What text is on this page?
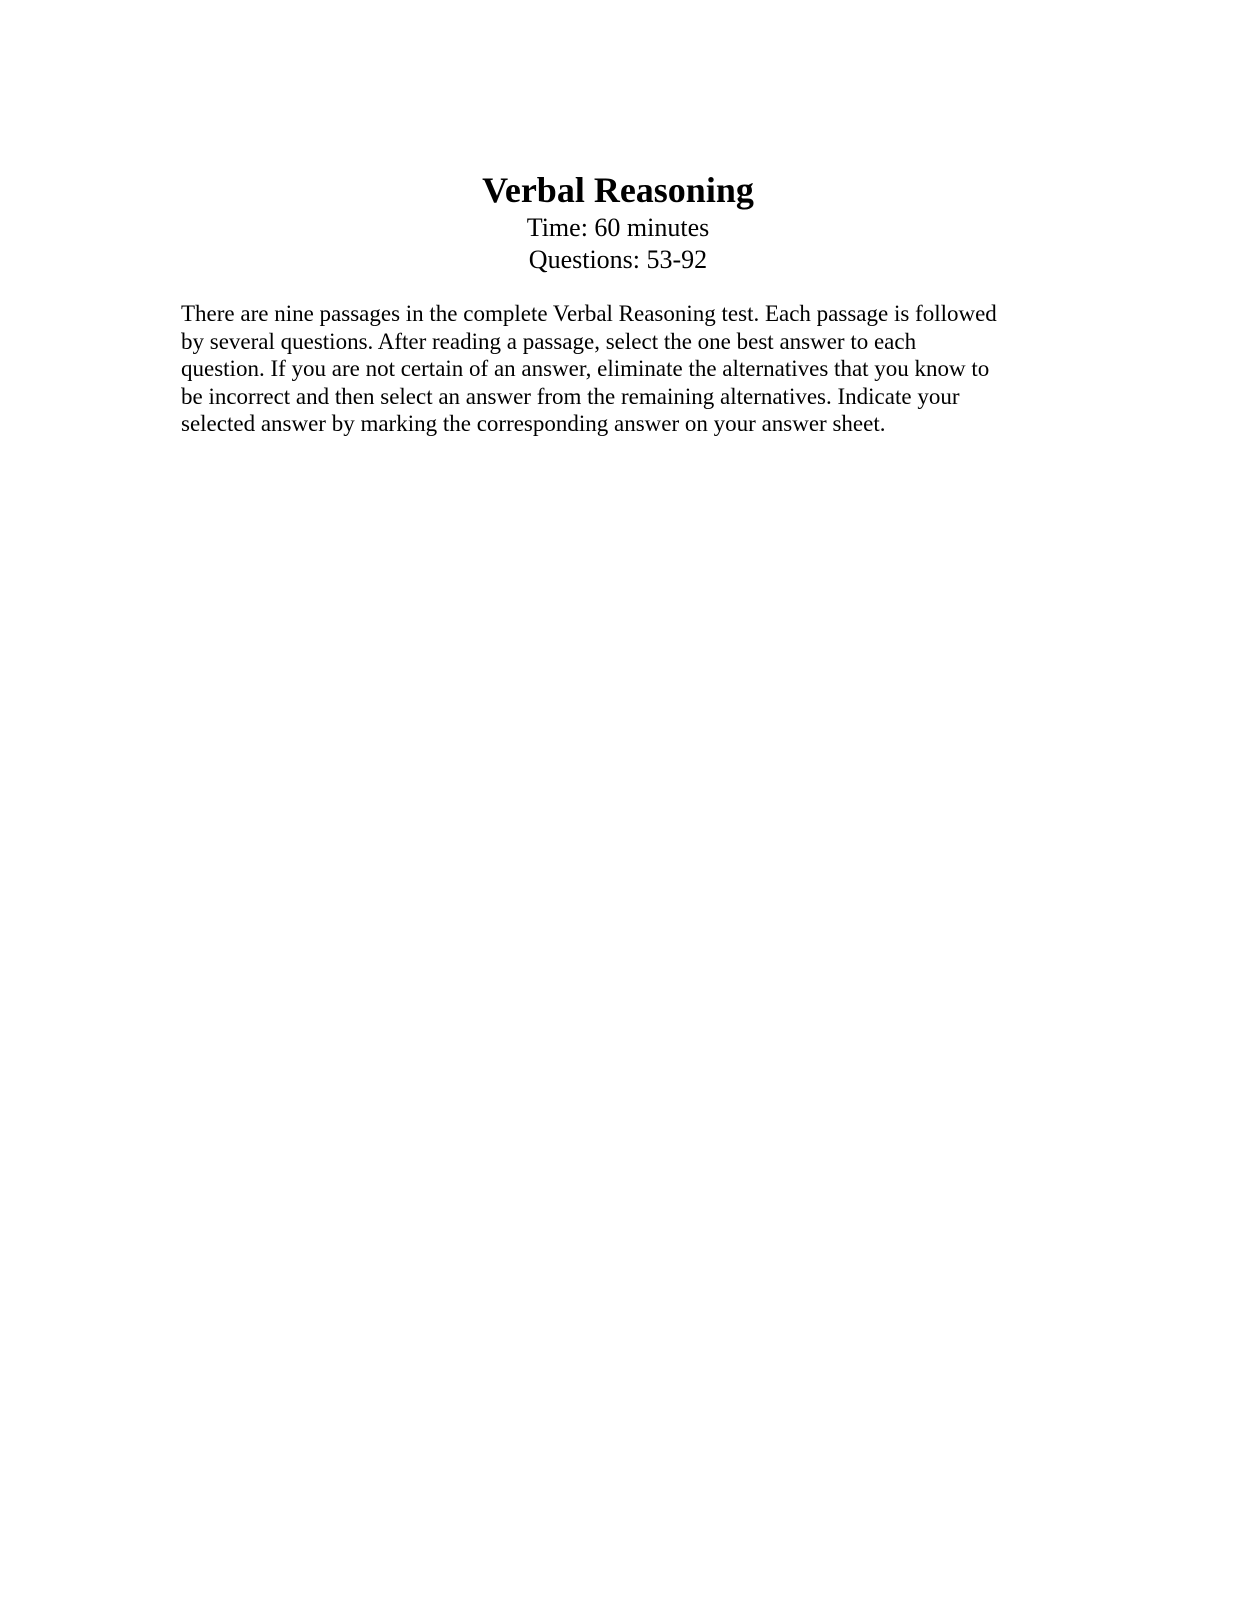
Verbal Reasoning

Time: 60 minutes

Questions: 53-92

There are nine passages in the complete Verbal Reasoning test. Each passage is followed
by several questions. After reading a passage, select the one best answer to each
question. If you are not certain of an answer, eliminate the alternatives that you know to
be incorrect and then select an answer from the remaining alternatives. Indicate your
selected answer by marking the corresponding answer on your answer sheet.
